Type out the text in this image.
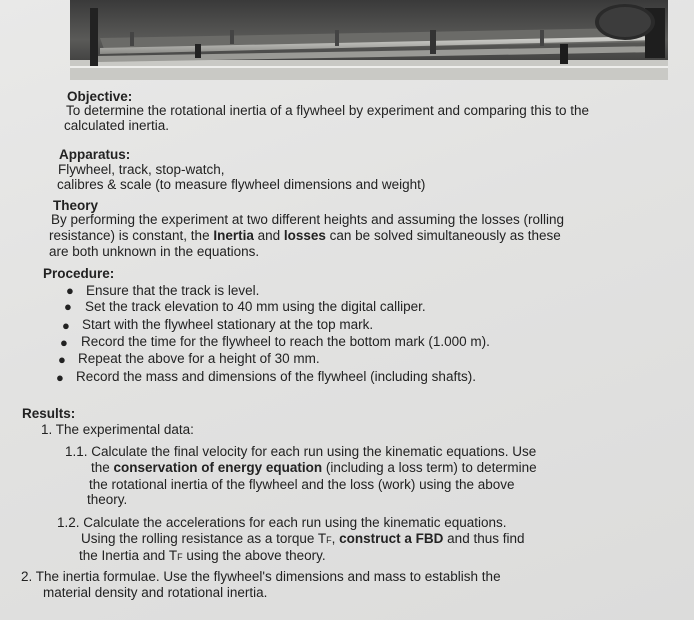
Objective:
To determine the rotational inertia of a flywheel by experiment and comparing this to the
calculated inertia.
Apparatus:
Flywheel, track, stop-watch,
calibres & scale (to measure flywheel dimensions and weight)
Theory
By performing the experiment at two different heights and assuming the losses (rolling
resistance) is constant, the Inertia and losses can be solved simultaneously as these
are both unknown in the equations.
Procedure:
● Ensure that the track is level.
● Set the track elevation to 40 mm using the digital calliper.
● Start with the flywheel stationary at the top mark.
● Record the time for the flywheel to reach the bottom mark (1.000 m).
● Repeat the above for a height of 30 mm.
● Record the mass and dimensions of the flywheel (including shafts).
Results:
1. The experimental data:
1.1. Calculate the final velocity for each run using the kinematic equations. Use
the conservation of energy equation (including a loss term) to determine
the rotational inertia of the flywheel and the loss (work) using the above
theory.
1.2. Calculate the accelerations for each run using the kinematic equations.
Using the rolling resistance as a torque TF, construct a FBD and thus find
the Inertia and TF using the above theory.
2. The inertia formulae. Use the flywheel's dimensions and mass to establish the
material density and rotational inertia.
